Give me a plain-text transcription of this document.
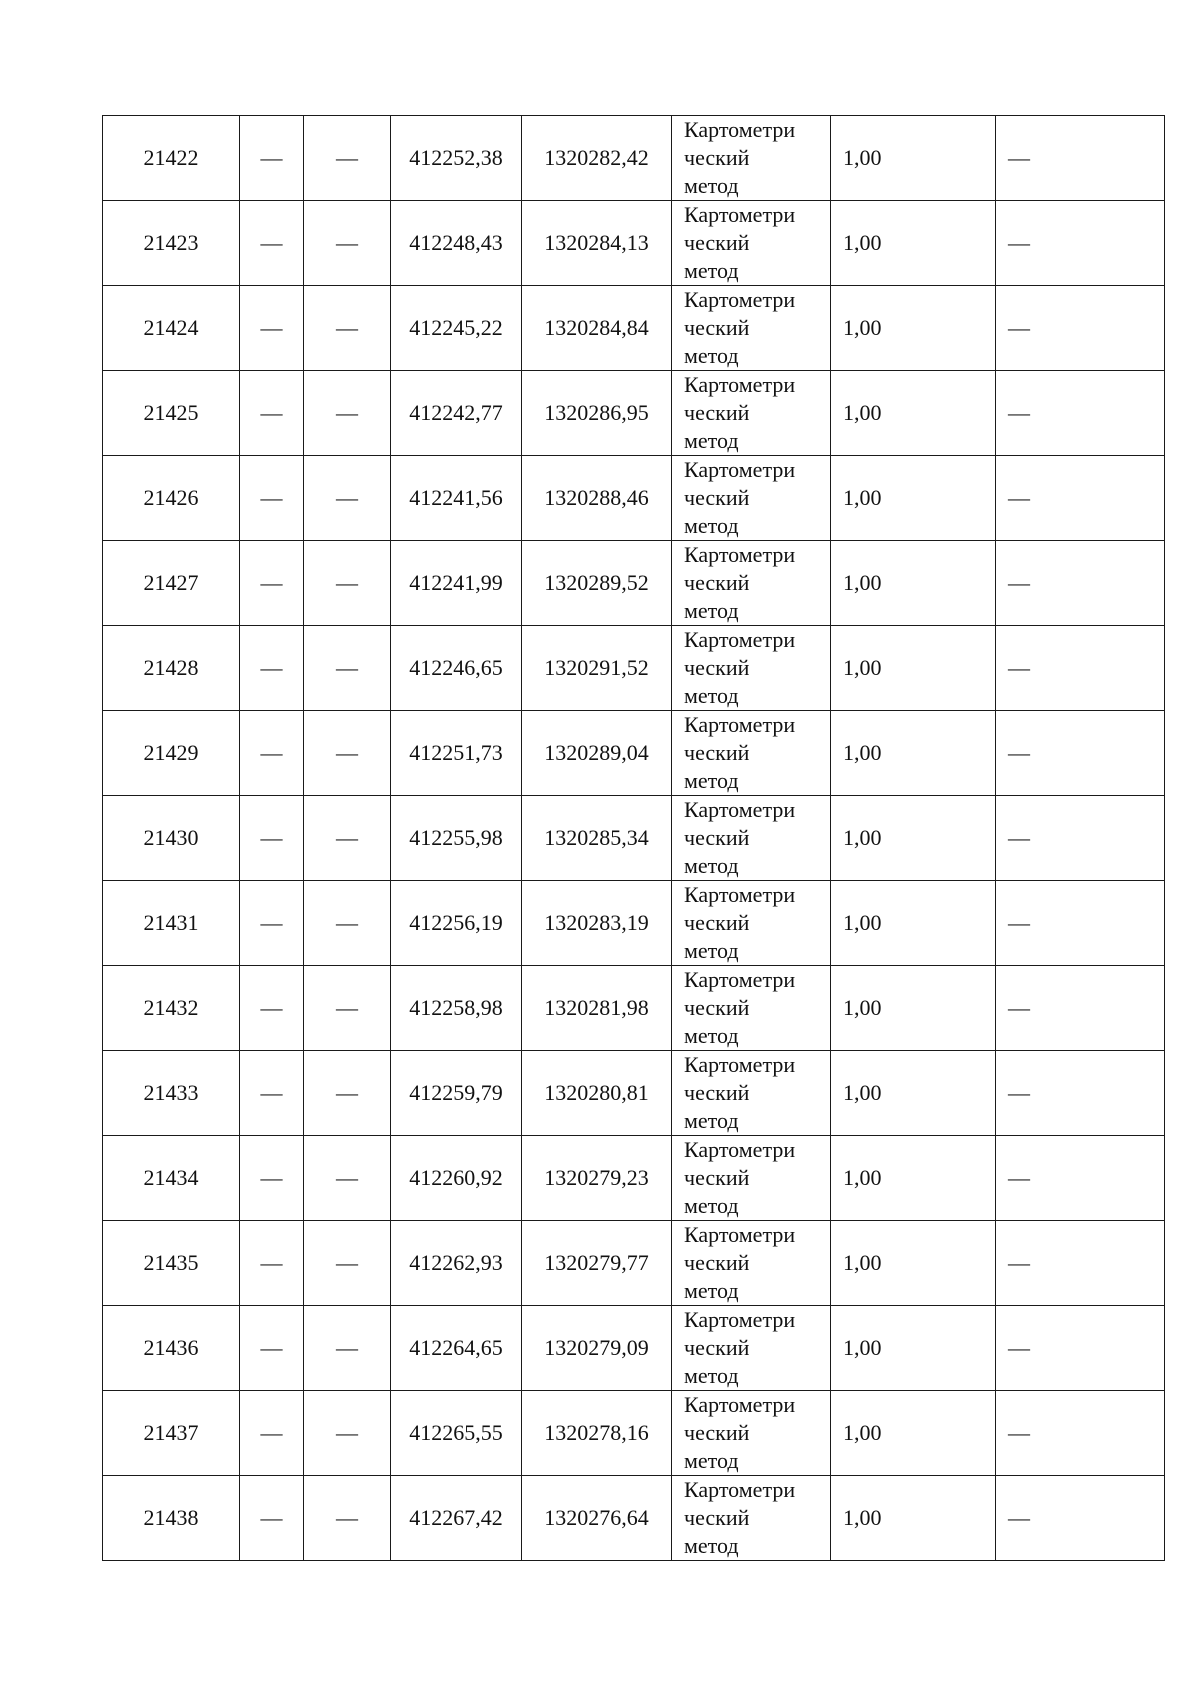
21422	—	—	412252,38	1320282,42	Картометри
ческий
метод	1,00	—
21423	—	—	412248,43	1320284,13	Картометри
ческий
метод	1,00	—
21424	—	—	412245,22	1320284,84	Картометри
ческий
метод	1,00	—
21425	—	—	412242,77	1320286,95	Картометри
ческий
метод	1,00	—
21426	—	—	412241,56	1320288,46	Картометри
ческий
метод	1,00	—
21427	—	—	412241,99	1320289,52	Картометри
ческий
метод	1,00	—
21428	—	—	412246,65	1320291,52	Картометри
ческий
метод	1,00	—
21429	—	—	412251,73	1320289,04	Картометри
ческий
метод	1,00	—
21430	—	—	412255,98	1320285,34	Картометри
ческий
метод	1,00	—
21431	—	—	412256,19	1320283,19	Картометри
ческий
метод	1,00	—
21432	—	—	412258,98	1320281,98	Картометри
ческий
метод	1,00	—
21433	—	—	412259,79	1320280,81	Картометри
ческий
метод	1,00	—
21434	—	—	412260,92	1320279,23	Картометри
ческий
метод	1,00	—
21435	—	—	412262,93	1320279,77	Картометри
ческий
метод	1,00	—
21436	—	—	412264,65	1320279,09	Картометри
ческий
метод	1,00	—
21437	—	—	412265,55	1320278,16	Картометри
ческий
метод	1,00	—
21438	—	—	412267,42	1320276,64	Картометри
ческий
метод	1,00	—
